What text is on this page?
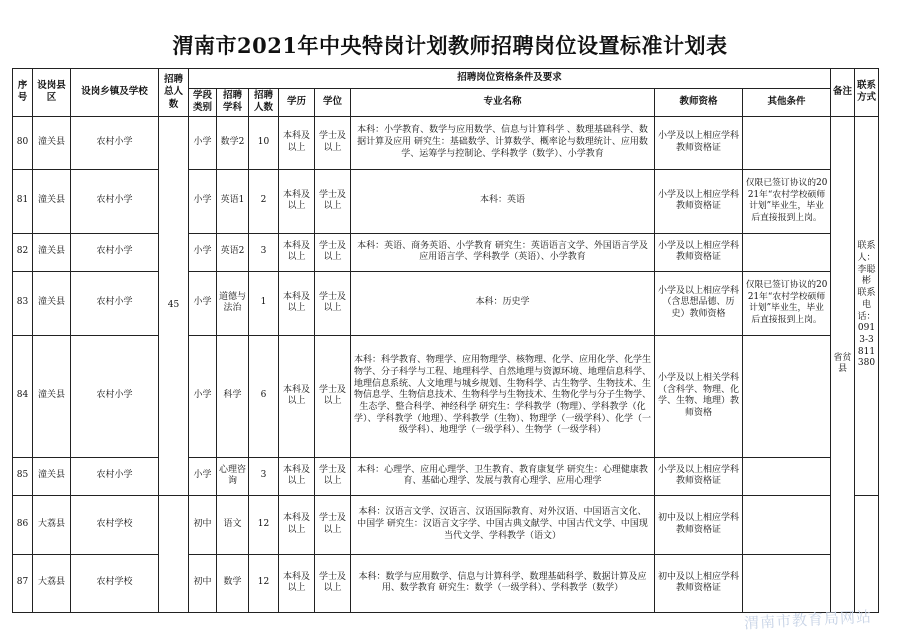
渭南市2021年中央特岗计划教师招聘岗位设置标准计划表
序号	设岗县区	设岗乡镇及学校	招聘总人数	招聘岗位资格条件及要求								备注	联系方式
				学段类别	招聘学科	招聘人数	学历	学位	专业名称	教师资格	其他条件		
80	潼关县	农村小学	45	小学	数学2	10	本科及以上	学士及以上	本科：小学教育、数学与应用数学、信息与计算科学 、数理基础科学、数据计算及应用 研究生：基础数学、计算数学、概率论与数理统计、应用数学、运筹学与控制论、学科教学（数学）、小学教育	小学及以上相应学科教师资格证		省贫县	联系人：李聪彬 联系电话：0913-3811380
81	潼关县	农村小学		小学	英语1	2	本科及以上	学士及以上	本科：英语	小学及以上相应学科教师资格证	仅限已签订协议的2021年“农村学校硕师计划”毕业生，毕业后直接报到上岗。		
82	潼关县	农村小学		小学	英语2	3	本科及以上	学士及以上	本科：英语、商务英语、小学教育 研究生：英语语言文学、外国语言学及应用语言学、学科教学（英语）、小学教育	小学及以上相应学科教师资格证			
83	潼关县	农村小学		小学	道德与法治	1	本科及以上	学士及以上	本科：历史学	小学及以上相应学科（含思想品德、历史）教师资格	仅限已签订协议的2021年“农村学校硕师计划”毕业生，毕业后直接报到上岗。		
84	潼关县	农村小学		小学	科学	6	本科及以上	学士及以上	本科：科学教育、物理学、应用物理学、核物理、化学、应用化学、化学生物学、分子科学与工程、地理科学、自然地理与资源环境、地理信息科学、地理信息系统、人文地理与城乡规划、生物科学、古生物学、生物技术、生物信息学、生物信息技术、生物科学与生物技术、生物化学与分子生物学、生态学、整合科学、神经科学 研究生：学科教学（物理）、学科教学（化学）、学科教学（地理）、学科教学（生物）、物理学（一级学科）、化学（一级学科）、地理学（一级学科）、生物学（一级学科）	小学及以上相关学科（含科学、物理、化学、生物、地理）教师资格			
85	潼关县	农村小学		小学	心理咨询	3	本科及以上	学士及以上	本科：心理学、应用心理学、卫生教育、教育康复学 研究生：心理健康教育、基础心理学、发展与教育心理学、应用心理学	小学及以上相应学科教师资格证			
86	大荔县	农村学校		初中	语文	12	本科及以上	学士及以上	本科：汉语言文学、汉语言、汉语国际教育、对外汉语、中国语言文化、 中国学 研究生：汉语言文字学、中国古典文献学、中国古代文学、中国现当代文学、学科教学（语文）	初中及以上相应学科教师资格证			
87	大荔县	农村学校		初中	数学	12	本科及以上	学士及以上	本科：数学与应用数学、信息与计算科学、数理基础科学、数据计算及应用、数学教育 研究生：数学（一级学科）、学科教学（数学）	初中及以上相应学科教师资格证			
渭南市教育局网站
